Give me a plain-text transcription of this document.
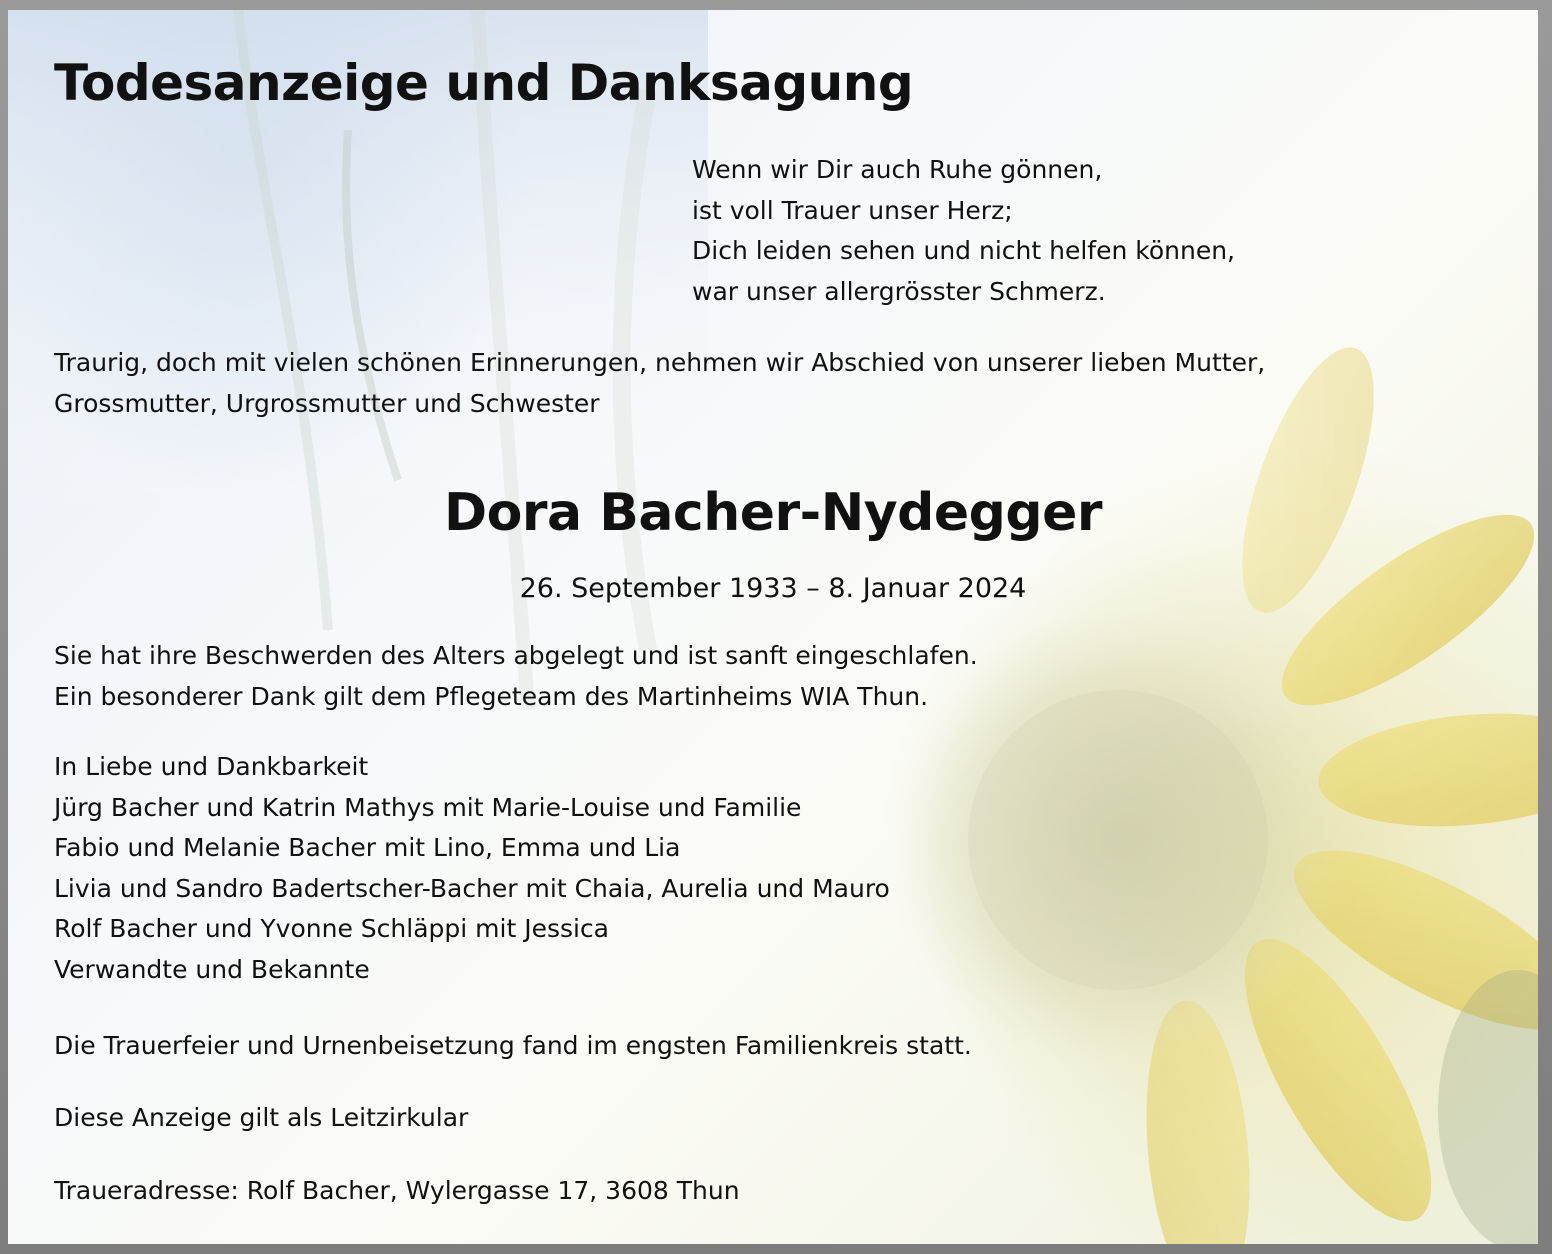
Todesanzeige und Danksagung
Wenn wir Dir auch Ruhe gönnen,
ist voll Trauer unser Herz;
Dich leiden sehen und nicht helfen können,
war unser allergrösster Schmerz.
Traurig, doch mit vielen schönen Erinnerungen, nehmen wir Abschied von unserer lieben Mutter,
Grossmutter, Urgrossmutter und Schwester
Dora Bacher-Nydegger
26. September 1933 – 8. Januar 2024
Sie hat ihre Beschwerden des Alters abgelegt und ist sanft eingeschlafen.
Ein besonderer Dank gilt dem Pflegeteam des Martinheims WIA Thun.
In Liebe und Dankbarkeit
Jürg Bacher und Katrin Mathys mit Marie-Louise und Familie
Fabio und Melanie Bacher mit Lino, Emma und Lia
Livia und Sandro Badertscher-Bacher mit Chaia, Aurelia und Mauro
Rolf Bacher und Yvonne Schläppi mit Jessica
Verwandte und Bekannte

Die Trauerfeier und Urnenbeisetzung fand im engsten Familienkreis statt.

Diese Anzeige gilt als Leitzirkular

Traueradresse: Rolf Bacher, Wylergasse 17, 3608 Thun
